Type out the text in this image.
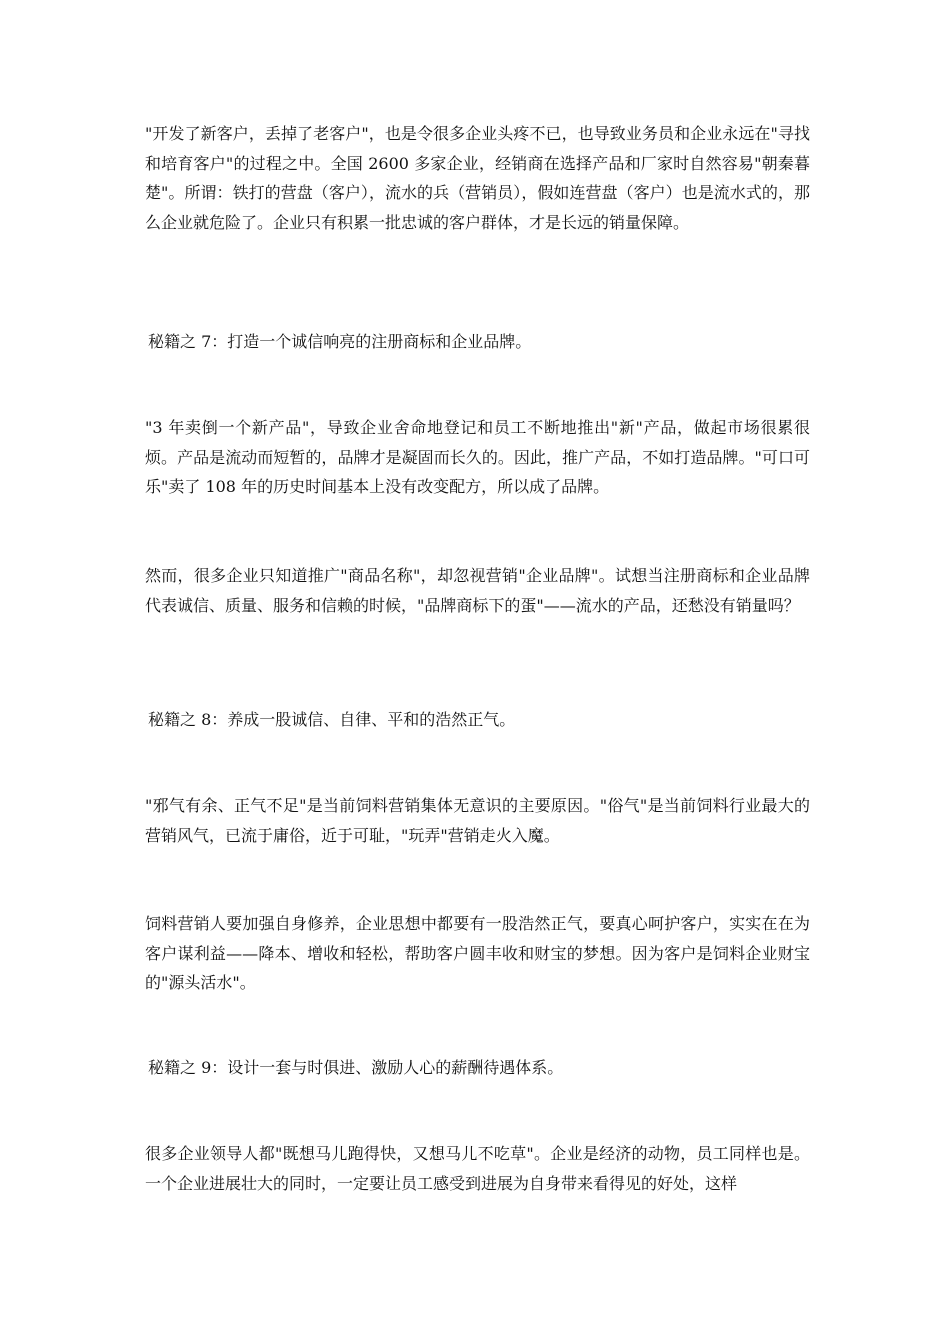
"开发了新客户，丢掉了老客户"，也是令很多企业头疼不已，也导致业务员和企业永远在"寻找和培育客户"的过程之中。全国 2600 多家企业，经销商在选择产品和厂家时自然容易"朝秦暮楚"。所谓：铁打的营盘（客户），流水的兵（营销员），假如连营盘（客户）也是流水式的，那么企业就危险了。企业只有积累一批忠诚的客户群体，才是长远的销量保障。

秘籍之 7：打造一个诚信响亮的注册商标和企业品牌。

"3 年卖倒一个新产品"，导致企业舍命地登记和员工不断地推出"新"产品，做起市场很累很烦。产品是流动而短暂的，品牌才是凝固而长久的。因此，推广产品，不如打造品牌。"可口可乐"卖了 108 年的历史时间基本上没有改变配方，所以成了品牌。

然而，很多企业只知道推广"商品名称"，却忽视营销"企业品牌"。试想当注册商标和企业品牌代表诚信、质量、服务和信赖的时候，"品牌商标下的蛋"——流水的产品，还愁没有销量吗？

秘籍之 8：养成一股诚信、自律、平和的浩然正气。

"邪气有余、正气不足"是当前饲料营销集体无意识的主要原因。"俗气"是当前饲料行业最大的营销风气，已流于庸俗，近于可耻，"玩弄"营销走火入魔。

饲料营销人要加强自身修养，企业思想中都要有一股浩然正气，要真心呵护客户，实实在在为客户谋利益——降本、增收和轻松，帮助客户圆丰收和财宝的梦想。因为客户是饲料企业财宝的"源头活水"。

秘籍之 9：设计一套与时俱进、激励人心的薪酬待遇体系。

很多企业领导人都"既想马儿跑得快，又想马儿不吃草"。企业是经济的动物，员工同样也是。一个企业进展壮大的同时，一定要让员工感受到进展为自身带来看得见的好处，这样
